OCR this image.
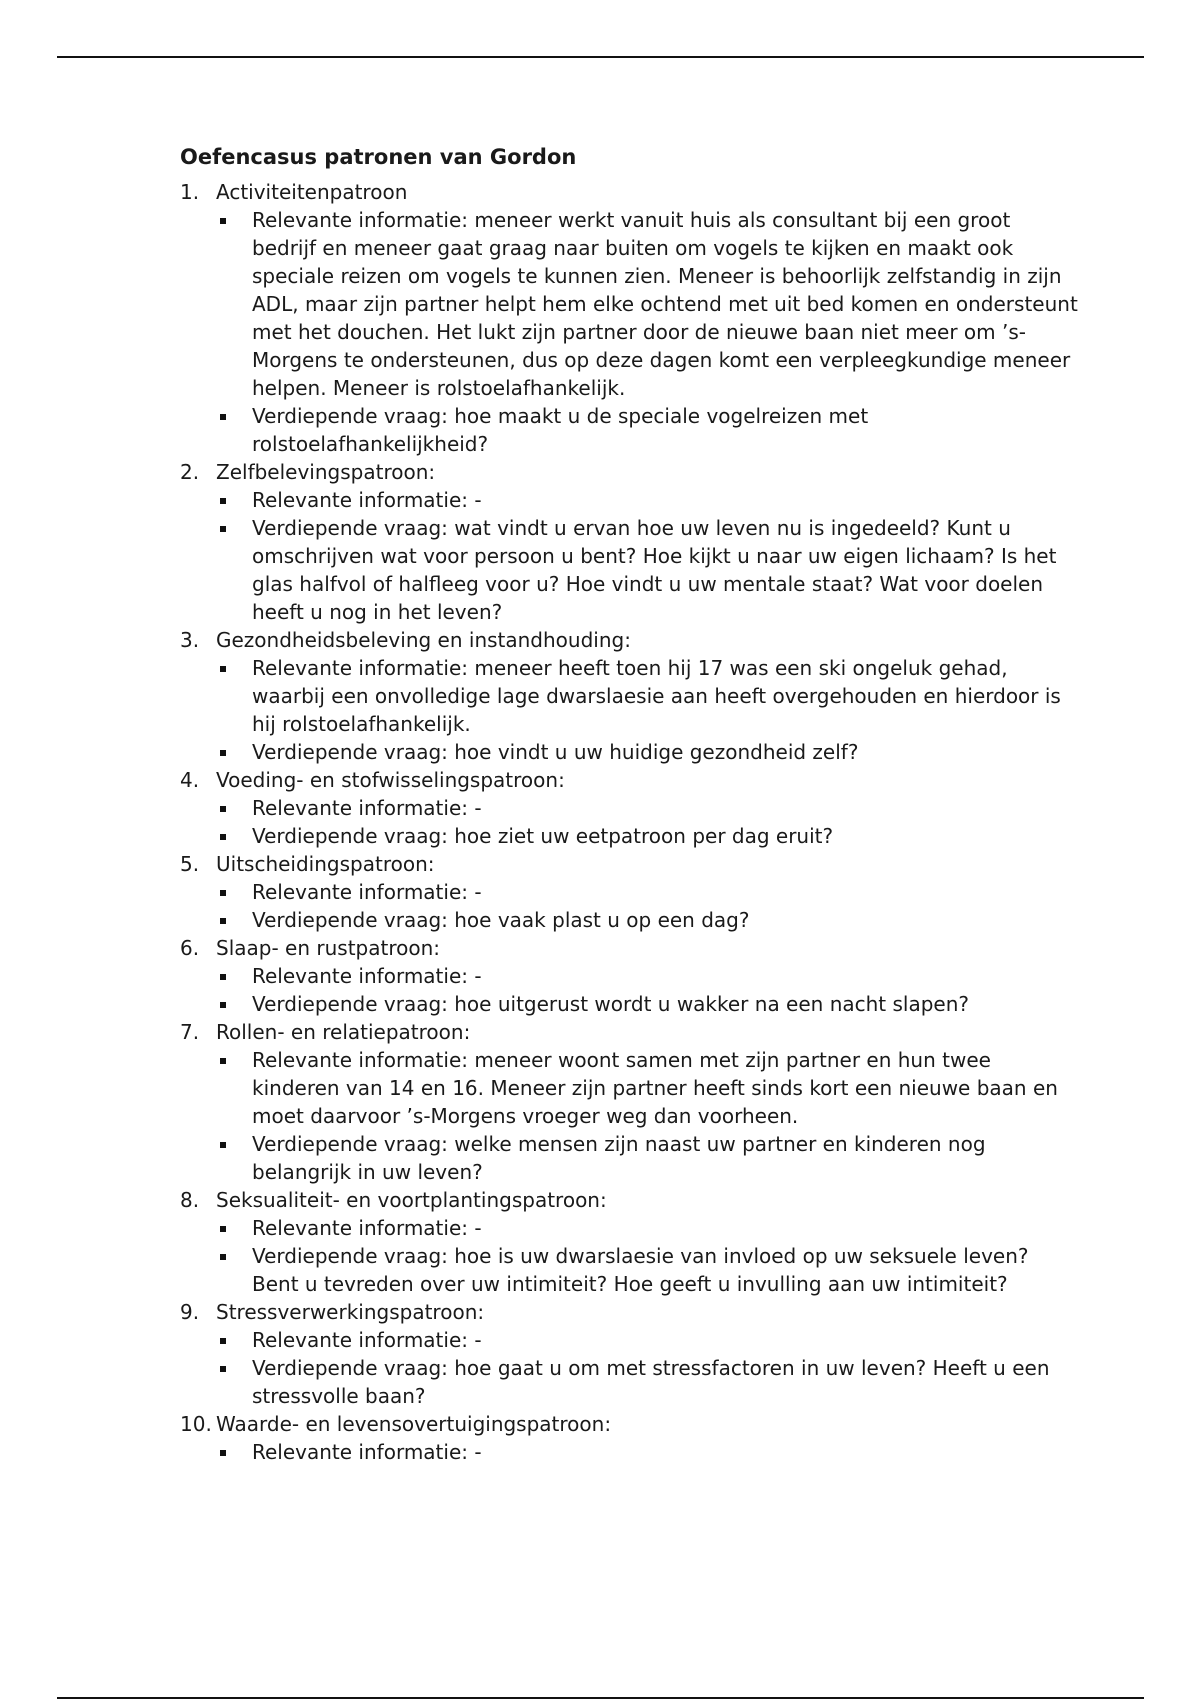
Oefencasus patronen van Gordon
1. Activiteitenpatroon
Relevante informatie: meneer werkt vanuit huis als consultant bij een groot bedrijf en meneer gaat graag naar buiten om vogels te kijken en maakt ook speciale reizen om vogels te kunnen zien. Meneer is behoorlijk zelfstandig in zijn ADL, maar zijn partner helpt hem elke ochtend met uit bed komen en ondersteunt met het douchen. Het lukt zijn partner door de nieuwe baan niet meer om ’s-Morgens te ondersteunen, dus op deze dagen komt een verpleegkundige meneer helpen. Meneer is rolstoelafhankelijk.
Verdiepende vraag: hoe maakt u de speciale vogelreizen met rolstoelafhankelijkheid?
2. Zelfbelevingspatroon:
Relevante informatie: -
Verdiepende vraag: wat vindt u ervan hoe uw leven nu is ingedeeld? Kunt u omschrijven wat voor persoon u bent? Hoe kijkt u naar uw eigen lichaam? Is het glas halfvol of halfleeg voor u? Hoe vindt u uw mentale staat? Wat voor doelen heeft u nog in het leven?
3. Gezondheidsbeleving en instandhouding:
Relevante informatie: meneer heeft toen hij 17 was een ski ongeluk gehad, waarbij een onvolledige lage dwarslaesie aan heeft overgehouden en hierdoor is hij rolstoelafhankelijk.
Verdiepende vraag: hoe vindt u uw huidige gezondheid zelf?
4. Voeding- en stofwisselingspatroon:
Relevante informatie: -
Verdiepende vraag: hoe ziet uw eetpatroon per dag eruit?
5. Uitscheidingspatroon:
Relevante informatie: -
Verdiepende vraag: hoe vaak plast u op een dag?
6. Slaap- en rustpatroon:
Relevante informatie: -
Verdiepende vraag: hoe uitgerust wordt u wakker na een nacht slapen?
7. Rollen- en relatiepatroon:
Relevante informatie: meneer woont samen met zijn partner en hun twee kinderen van 14 en 16. Meneer zijn partner heeft sinds kort een nieuwe baan en moet daarvoor ’s-Morgens vroeger weg dan voorheen.
Verdiepende vraag: welke mensen zijn naast uw partner en kinderen nog belangrijk in uw leven?
8. Seksualiteit- en voortplantingspatroon:
Relevante informatie: -
Verdiepende vraag: hoe is uw dwarslaesie van invloed op uw seksuele leven? Bent u tevreden over uw intimiteit? Hoe geeft u invulling aan uw intimiteit?
9. Stressverwerkingspatroon:
Relevante informatie: -
Verdiepende vraag: hoe gaat u om met stressfactoren in uw leven? Heeft u een stressvolle baan?
10. Waarde- en levensovertuigingspatroon:
Relevante informatie: -
